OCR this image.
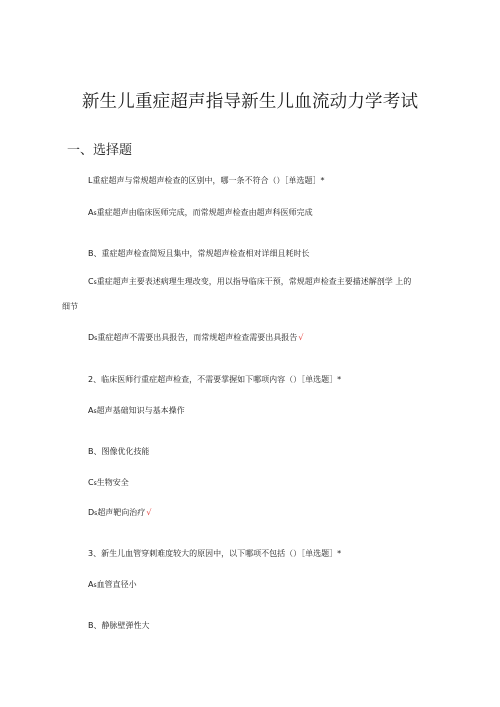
新生儿重症超声指导新生儿血流动力学考试
一、选择题
L重症超声与常规超声检查的区别中，哪一条不符合（）［单选题］*
As重症超声由临床医师完成，而常规超声检查由超声科医师完成
B、重症超声检查简短且集中，常规超声检查相对详细且耗时长
Cs重症超声主要表述病理生理改变，用以指导临床干预，常规超声检查主要描述解剖学 上的
细节
Ds重症超声不需要出具报告，而常规超声检查需要出具报告√
2、临床医师行重症超声检查，不需要掌握如下哪项内容（）［单选题］*
As超声基础知识与基本操作
B、图像优化技能
Cs生物安全
Ds超声靶向治疗√
3、新生儿血管穿刺难度较大的原因中，以下哪项不包括（）［单选题］*
As血管直径小
B、静脉壁弹性大
